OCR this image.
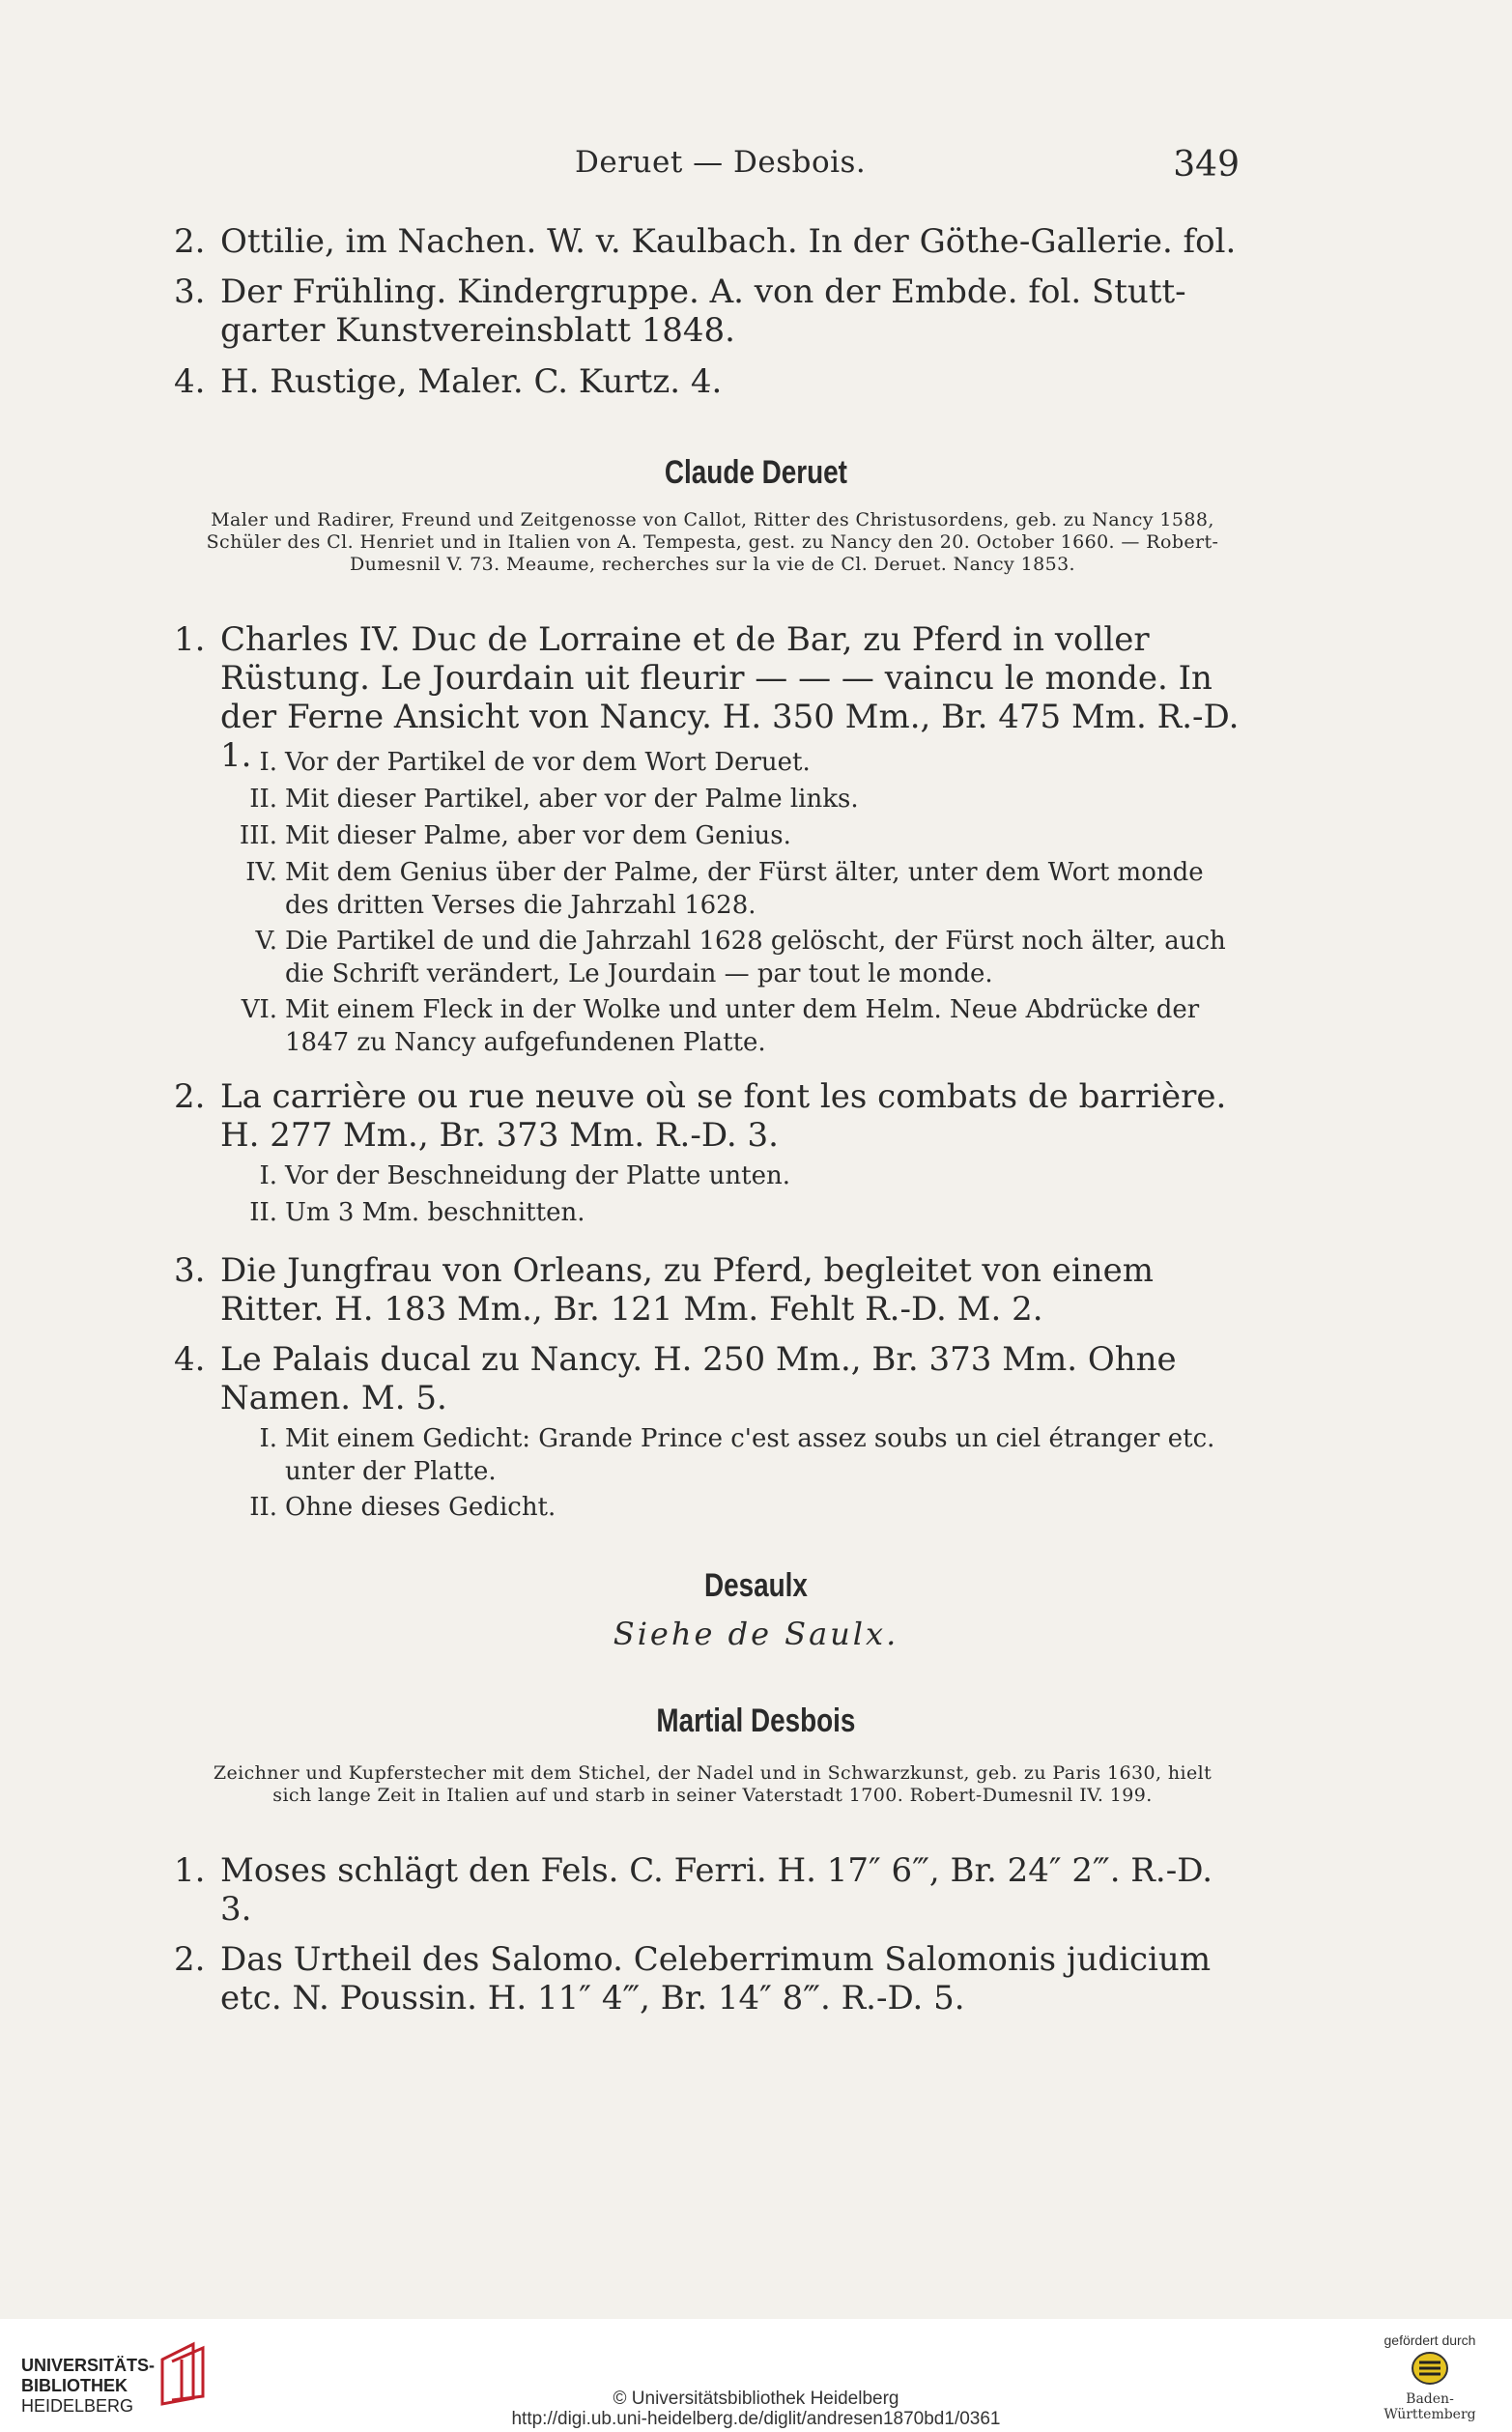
Deruet — Desbois.	349
2. Ottilie, im Nachen. W. v. Kaulbach. In der Göthe-Gallerie. fol.
3. Der Frühling. Kindergruppe. A. von der Embde. fol. Stutt-garter Kunstvereinsblatt 1848.
4. H. Rustige, Maler. C. Kurtz. 4.
Claude Deruet
Maler und Radirer, Freund und Zeitgenosse von Callot, Ritter des Christusordens, geb. zu Nancy 1588, Schüler des Cl. Henriet und in Italien von A. Tempesta, gest. zu Nancy den 20. October 1660. — Robert-Dumesnil V. 73. Meaume, recherches sur la vie de Cl. Deruet. Nancy 1853.
1. Charles IV. Duc de Lorraine et de Bar, zu Pferd in voller Rüstung. Le Jourdain uit fleurir — — — vaincu le monde. In der Ferne Ansicht von Nancy. H. 350 Mm., Br. 475 Mm. R.-D. 1. I. Vor der Partikel de vor dem Wort Deruet.
II. Mit dieser Partikel, aber vor der Palme links.
III. Mit dieser Palme, aber vor dem Genius.
IV. Mit dem Genius über der Palme, der Fürst älter, unter dem Wort monde des dritten Verses die Jahrzahl 1628.
V. Die Partikel de und die Jahrzahl 1628 gelöscht, der Fürst noch älter, auch die Schrift verändert, Le Jourdain — par tout le monde.
VI. Mit einem Fleck in der Wolke und unter dem Helm. Neue Abdrücke der 1847 zu Nancy aufgefundenen Platte.
2. La carrière ou rue neuve où se font les combats de barrière. H. 277 Mm., Br. 373 Mm. R.-D. 3.
I. Vor der Beschneidung der Platte unten.
II. Um 3 Mm. beschnitten.
3. Die Jungfrau von Orleans, zu Pferd, begleitet von einem Ritter. H. 183 Mm., Br. 121 Mm. Fehlt R.-D. M. 2.
4. Le Palais ducal zu Nancy. H. 250 Mm., Br. 373 Mm. Ohne Namen. M. 5.
I. Mit einem Gedicht: Grande Prince c'est assez soubs un ciel étranger etc. unter der Platte.
II. Ohne dieses Gedicht.
Desaulx
Siehe de Saulx.
Martial Desbois
Zeichner und Kupferstecher mit dem Stichel, der Nadel und in Schwarzkunst, geb. zu Paris 1630, hielt sich lange Zeit in Italien auf und starb in seiner Vaterstadt 1700. Robert-Dumesnil IV. 199.
1. Moses schlägt den Fels. C. Ferri. H. 17″ 6‴, Br. 24″ 2‴. R.-D. 3.
2. Das Urtheil des Salomo. Celeberrimum Salomonis judicium etc. N. Poussin. H. 11″ 4‴, Br. 14″ 8‴. R.-D. 5.
UNIVERSITÄTS-
BIBLIOTHEK
HEIDELBERG	© Universitätsbibliothek Heidelberg
http://digi.ub.uni-heidelberg.de/diglit/andresen1870bd1/0361
gefördert durch
Baden-Württemberg
